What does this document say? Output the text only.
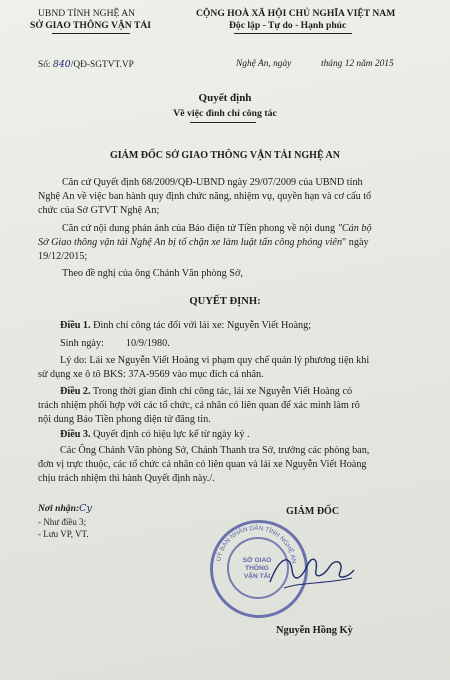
UBND TỈNH NGHỆ AN
SỞ GIAO THÔNG VẬN TẢI
Số: 840/QĐ-SGTVT.VP
CỘNG HOÀ XÃ HỘI CHỦ NGHĨA VIỆT NAM
Độc lập - Tự do - Hạnh phúc
Nghệ An, ngày	tháng 12 năm 2015
Quyết định
Về việc đình chỉ công tác
GIÁM ĐỐC SỞ GIAO THÔNG VẬN TẢI NGHỆ AN
Căn cứ Quyết định 68/2009/QĐ-UBND ngày 29/07/2009 của UBND tỉnh
Nghệ An về việc ban hành quy định chức năng, nhiệm vụ, quyền hạn và cơ cấu tổ
chức của Sở GTVT Nghệ An;
Căn cứ nội dung phản ảnh của Báo điện tử Tiền phong về nội dung "Cán bộ
Sở Giao thông vận tải Nghệ An bị tố chặn xe làm luật tấn công phóng viên" ngày
19/12/2015;
Theo đề nghị của ông Chánh Văn phòng Sở,
QUYẾT ĐỊNH:
Điều 1. Đình chỉ công tác đối với lái xe: Nguyễn Viết Hoàng;
Sinh ngày: 10/9/1980.
Lý do: Lái xe Nguyễn Viết Hoàng vi phạm quy chế quản lý phương tiện khi
sử dụng xe ô tô BKS: 37A-9569 vào mục đích cá nhân.
Điều 2. Trong thời gian đình chỉ công tác, lái xe Nguyễn Viết Hoàng có
trách nhiệm phối hợp với các tổ chức, cá nhân có liên quan để xác minh làm rõ
nội dung Báo Tiền phong điện tử đăng tin.
Điều 3. Quyết định có hiệu lực kể từ ngày ký .
Các Ông Chánh Văn phòng Sở, Chánh Thanh tra Sở, trưởng các phòng ban,
đơn vị trực thuộc, các tổ chức cá nhân có liên quan và lái xe Nguyễn Viết Hoàng
chịu trách nhiệm thi hành Quyết định này./.
Nơi nhận:Cy
- Như điều 3;
- Lưu VP, VT.
GIÁM ĐỐC
UỶ BAN NHÂN DÂN TỈNH NGHỆ AN
SỞ GIAO THÔNG VẬN TẢI
Nguyễn Hồng Kỳ
